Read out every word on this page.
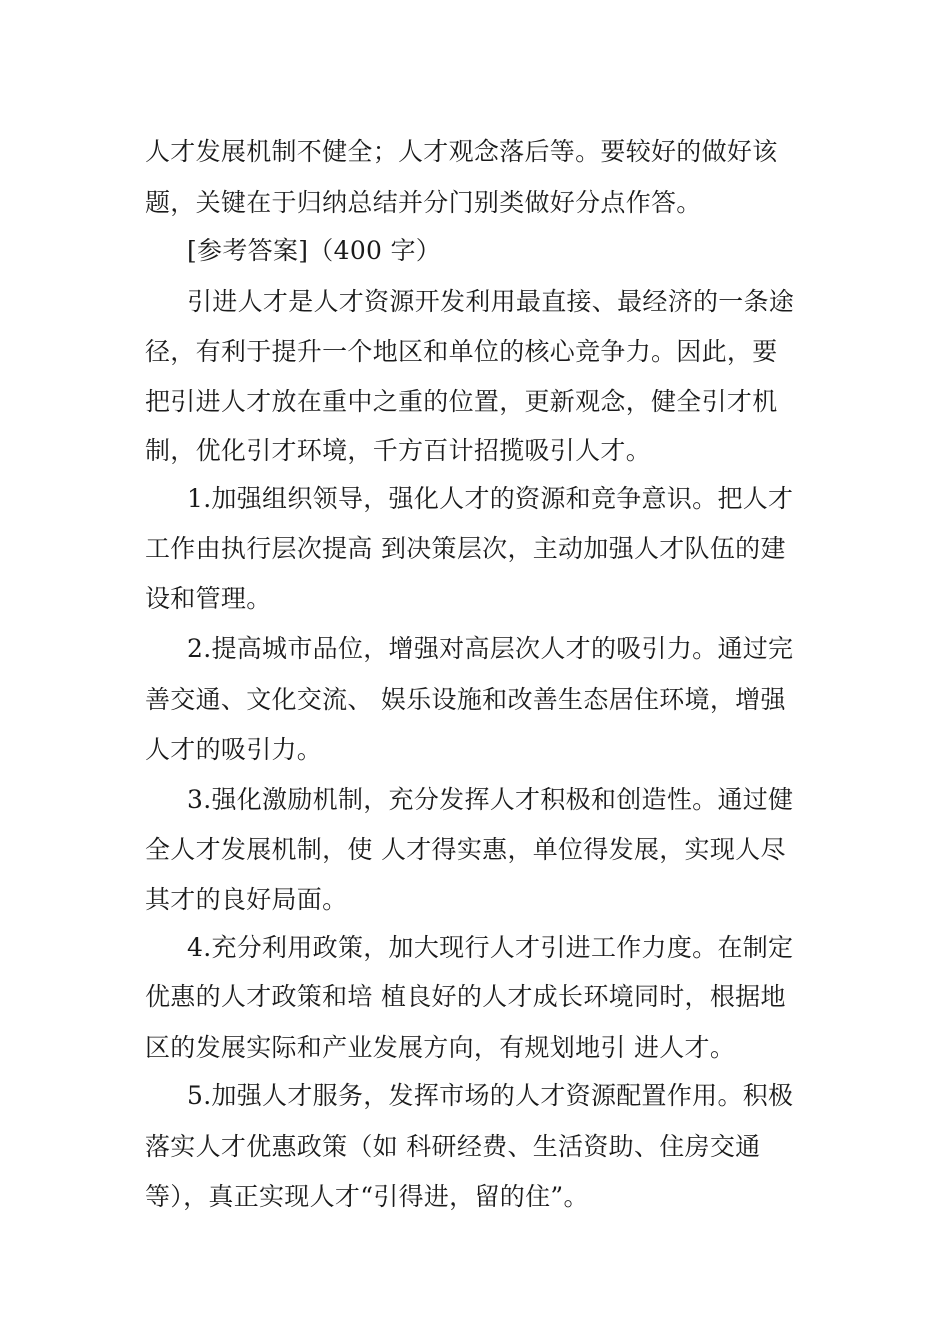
人才发展机制不健全；人才观念落后等。要较好的做好该
题，关键在于归纳总结并分门别类做好分点作答。
[参考答案]（400 字）
引进人才是人才资源开发利用最直接、最经济的一条途
径，有利于提升一个地区和单位的核心竞争力。因此，要
把引进人才放在重中之重的位置，更新观念，健全引才机
制，优化引才环境，千方百计招揽吸引人才。
1.加强组织领导，强化人才的资源和竞争意识。把人才
工作由执行层次提高 到决策层次，主动加强人才队伍的建
设和管理。
2.提高城市品位，增强对高层次人才的吸引力。通过完
善交通、文化交流、 娱乐设施和改善生态居住环境，增强
人才的吸引力。
3.强化激励机制，充分发挥人才积极和创造性。通过健
全人才发展机制，使 人才得实惠，单位得发展，实现人尽
其才的良好局面。
4.充分利用政策，加大现行人才引进工作力度。在制定
优惠的人才政策和培 植良好的人才成长环境同时，根据地
区的发展实际和产业发展方向，有规划地引 进人才。
5.加强人才服务，发挥市场的人才资源配置作用。积极
落实人才优惠政策（如 科研经费、生活资助、住房交通
等），真正实现人才“引得进，留的住”。
